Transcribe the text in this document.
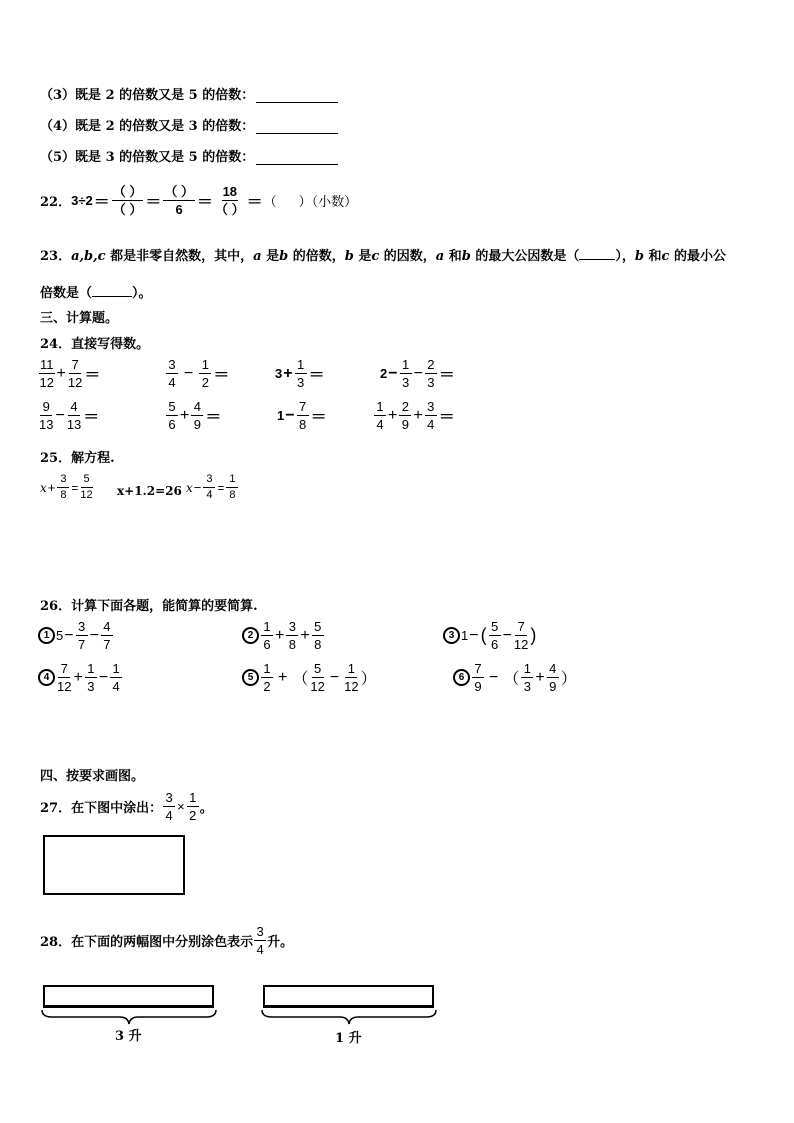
（3）既是 2 的倍数又是 5 的倍数：
（4）既是 2 的倍数又是 3 的倍数：
（5）既是 3 的倍数又是 5 的倍数：
22． $3\div 2 = \frac{( )}{( )} = \frac{( )}{6} = \frac{18}{( )}$ ＝ （ ）（小数）
23．a,b,c 都是非零自然数，其中，a 是b 的倍数，b 是c 的因数，a 和b 的最大公因数是（	），b 和c 的最小公
倍数是（	）。
三、计算题。
24．直接写得数。
$\frac{11}{12} + \frac{7}{12}$ ＝	$\frac{3}{4} - \frac{1}{2}$ ＝	$3 + \frac{1}{3}$ ＝	$2 - \frac{1}{3} - \frac{2}{3}$ ＝
$\frac{9}{13} - \frac{4}{13}$ ＝	$\frac{5}{6} + \frac{4}{9}$ ＝	$1 - \frac{7}{8}$ ＝	$\frac{1}{4} + \frac{2}{9} + \frac{3}{4}$ ＝
25．解方程.
$x + \frac{3}{8} = \frac{5}{12} x+1.2=26$ $x - \frac{3}{4} = \frac{1}{8}$
26．计算下面各题，能简算的要简算.
1 $5 - \frac{3}{7} - \frac{4}{7}$	$2 \frac{1}{6} + \frac{3}{8} + \frac{5}{8}$	3 1 − ( $\frac{5}{6} - \frac{7}{12}$ )
$4 \frac{7}{12} + \frac{1}{3} - \frac{1}{4}$	$5 \frac{1}{2}$ + （ $\frac{5}{12} - \frac{1}{12}$ ）	$6 \frac{7}{9}$ − （ $\frac{1}{3} + \frac{4}{9}$ ）
四、按要求画图。
27．在下图中涂出： $\frac{3}{4} \times \frac{1}{2}$ 。
28．在下面的两幅图中分别涂色表示 $\frac{3}{4}$ 升。
3 升	1 升
